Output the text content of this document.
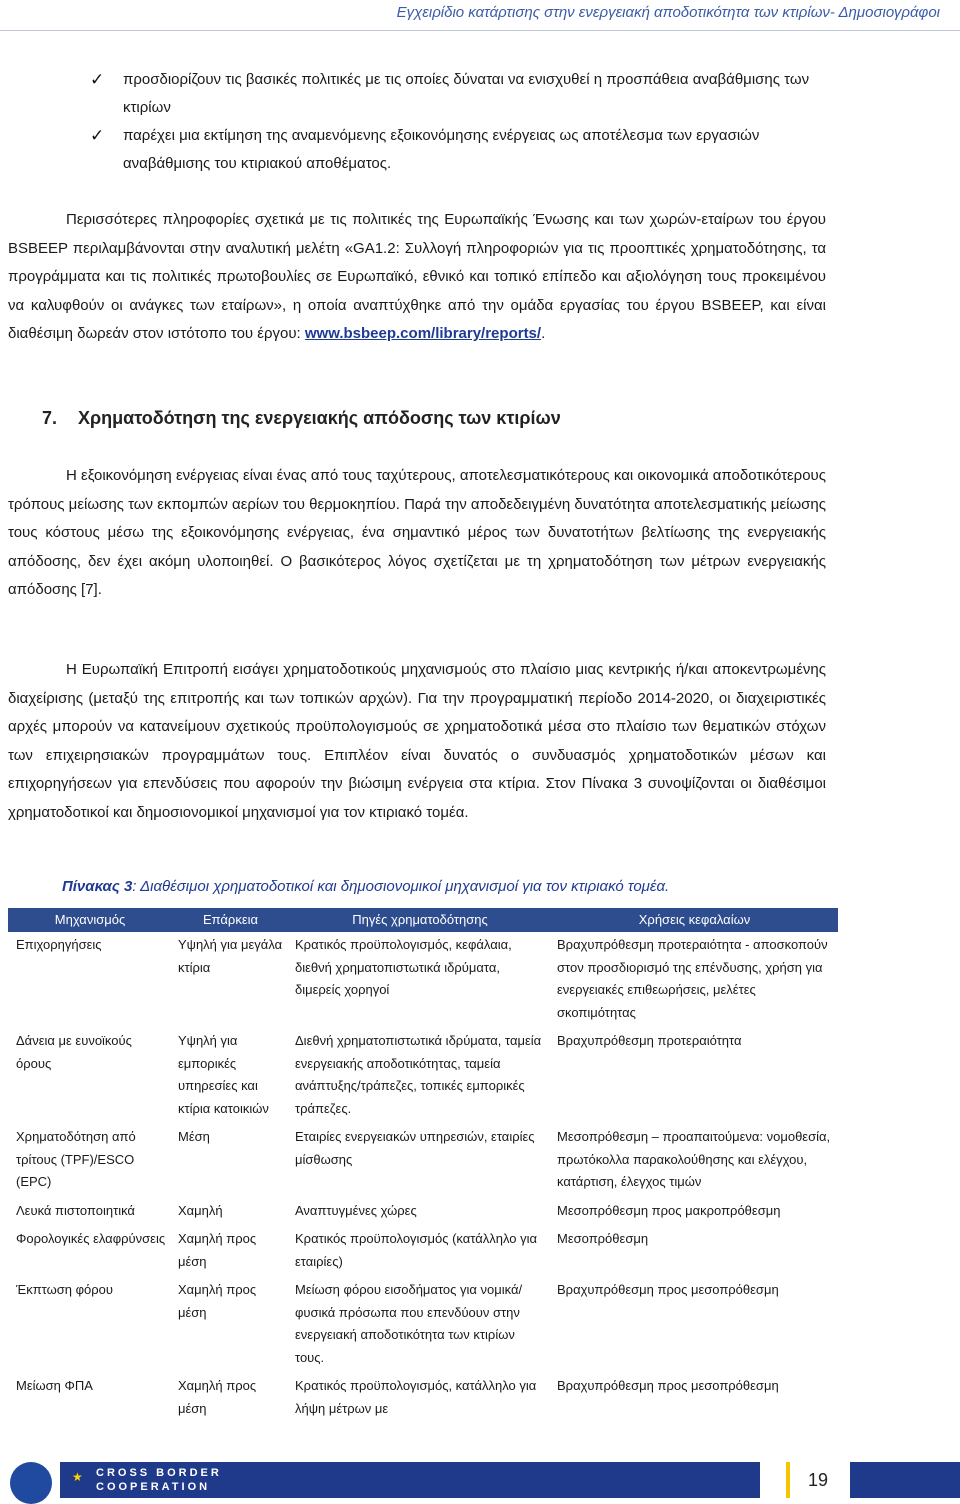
Εγχειρίδιο κατάρτισης στην ενεργειακή αποδοτικότητα των κτιρίων- Δημοσιογράφοι
✓ προσδιορίζουν τις βασικές πολιτικές με τις οποίες δύναται να ενισχυθεί η προσπάθεια αναβάθμισης των κτιρίων
✓ παρέχει μια εκτίμηση της αναμενόμενης εξοικονόμησης ενέργειας ως αποτέλεσμα των εργασιών αναβάθμισης του κτιριακού αποθέματος.
Περισσότερες πληροφορίες σχετικά με τις πολιτικές της Ευρωπαϊκής Ένωσης και των χωρών-εταίρων του έργου BSBEEP περιλαμβάνονται στην αναλυτική μελέτη «GA1.2: Συλλογή πληροφοριών για τις προοπτικές χρηματοδότησης, τα προγράμματα και τις πολιτικές πρωτοβουλίες σε Ευρωπαϊκό, εθνικό και τοπικό επίπεδο και αξιολόγηση τους προκειμένου να καλυφθούν οι ανάγκες των εταίρων», η οποία αναπτύχθηκε από την ομάδα εργασίας του έργου BSBEEP, και είναι διαθέσιμη δωρεάν στον ιστότοπο του έργου: www.bsbeep.com/library/reports/.
7. Χρηματοδότηση της ενεργειακής απόδοσης των κτιρίων
Η εξοικονόμηση ενέργειας είναι ένας από τους ταχύτερους, αποτελεσματικότερους και οικονομικά αποδοτικότερους τρόπους μείωσης των εκπομπών αερίων του θερμοκηπίου. Παρά την αποδεδειγμένη δυνατότητα αποτελεσματικής μείωσης τους κόστους μέσω της εξοικονόμησης ενέργειας, ένα σημαντικό μέρος των δυνατοτήτων βελτίωσης της ενεργειακής απόδοσης, δεν έχει ακόμη υλοποιηθεί. Ο βασικότερος λόγος σχετίζεται με τη χρηματοδότηση των μέτρων ενεργειακής απόδοσης [7].
Η Ευρωπαϊκή Επιτροπή εισάγει χρηματοδοτικούς μηχανισμούς στο πλαίσιο μιας κεντρικής ή/και αποκεντρωμένης διαχείρισης (μεταξύ της επιτροπής και των τοπικών αρχών). Για την προγραμματική περίοδο 2014-2020, οι διαχειριστικές αρχές μπορούν να κατανείμουν σχετικούς προϋπολογισμούς σε χρηματοδοτικά μέσα στο πλαίσιο των θεματικών στόχων των επιχειρησιακών προγραμμάτων τους. Επιπλέον είναι δυνατός ο συνδυασμός χρηματοδοτικών μέσων και επιχορηγήσεων για επενδύσεις που αφορούν την βιώσιμη ενέργεια στα κτίρια. Στον Πίνακα 3 συνοψίζονται οι διαθέσιμοι χρηματοδοτικοί και δημοσιονομικοί μηχανισμοί για τον κτιριακό τομέα.
Πίνακας 3: Διαθέσιμοι χρηματοδοτικοί και δημοσιονομικοί μηχανισμοί για τον κτιριακό τομέα.
Μηχανισμός	Επάρκεια	Πηγές χρηματοδότησης	Χρήσεις κεφαλαίων
Επιχορηγήσεις	Υψηλή για μεγάλα κτίρια	Κρατικός προϋπολογισμός, κεφάλαια, διεθνή χρηματοπιστωτικά ιδρύματα, διμερείς χορηγοί	Βραχυπρόθεσμη προτεραιότητα - αποσκοπούν στον προσδιορισμό της επένδυσης, χρήση για ενεργειακές επιθεωρήσεις, μελέτες σκοπιμότητας
Δάνεια με ευνοϊκούς όρους	Υψηλή για εμπορικές υπηρεσίες και κτίρια κατοικιών	Διεθνή χρηματοπιστωτικά ιδρύματα, ταμεία ενεργειακής αποδοτικότητας, ταμεία ανάπτυξης/τράπεζες, τοπικές εμπορικές τράπεζες.	Βραχυπρόθεσμη προτεραιότητα
Χρηματοδότηση από τρίτους (TPF)/ESCO (EPC)	Μέση	Εταιρίες ενεργειακών υπηρεσιών, εταιρίες μίσθωσης	Μεσοπρόθεσμη – προαπαιτούμενα: νομοθεσία, πρωτόκολλα παρακολούθησης και ελέγχου, κατάρτιση, έλεγχος τιμών
Λευκά πιστοποιητικά	Χαμηλή	Αναπτυγμένες χώρες	Μεσοπρόθεσμη προς μακροπρόθεσμη
Φορολογικές ελαφρύνσεις	Χαμηλή προς μέση	Κρατικός προϋπολογισμός (κατάλληλο για εταιρίες)	Μεσοπρόθεσμη
Έκπτωση φόρου	Χαμηλή προς μέση	Μείωση φόρου εισοδήματος για νομικά/φυσικά πρόσωπα που επενδύουν στην ενεργειακή αποδοτικότητα των κτιρίων τους.	Βραχυπρόθεσμη προς μεσοπρόθεσμη
Μείωση ΦΠΑ	Χαμηλή προς μέση	Κρατικός προϋπολογισμός, κατάλληλο για λήψη μέτρων με	Βραχυπρόθεσμη προς μεσοπρόθεσμη
★ CROSS BORDER
COOPERATION	19
